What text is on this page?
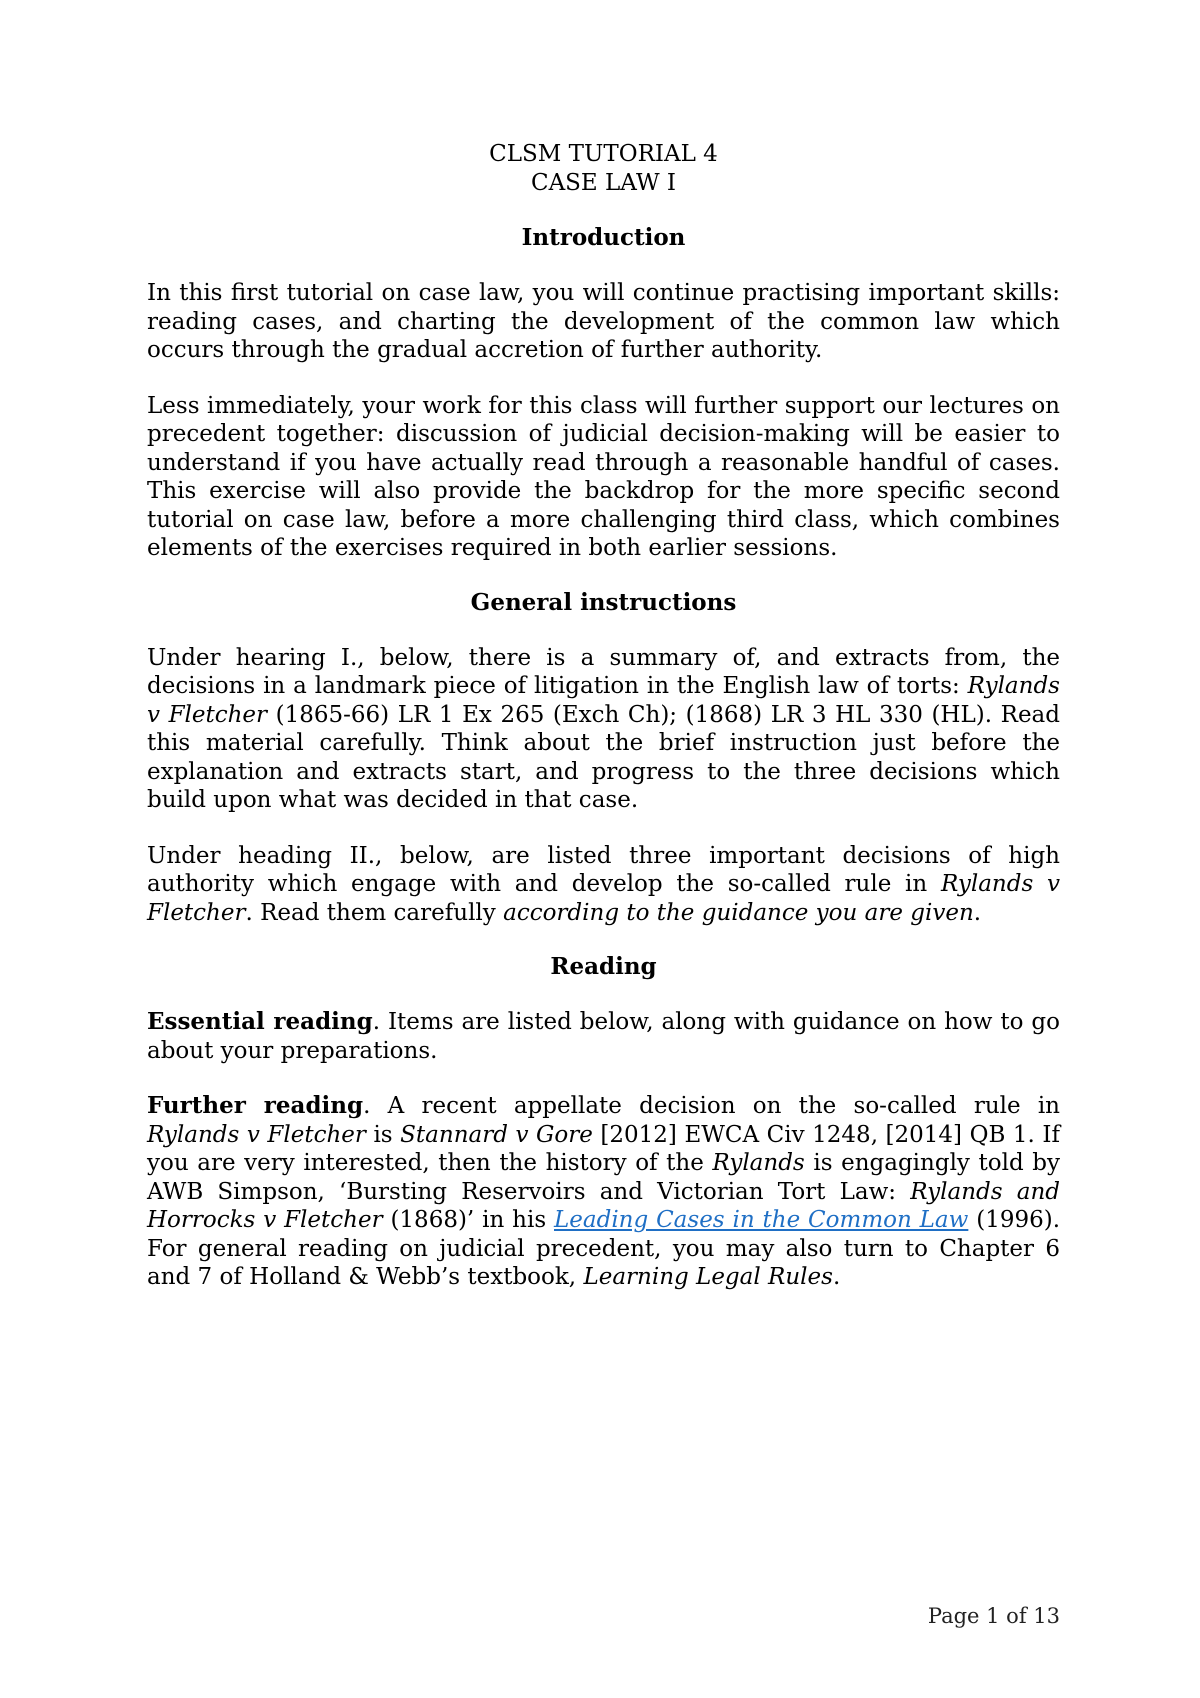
CLSM TUTORIAL 4
CASE LAW I
Introduction

In this first tutorial on case law, you will continue practising important skills: reading cases, and charting the development of the common law which occurs through the gradual accretion of further authority.

Less immediately, your work for this class will further support our lectures on precedent together: discussion of judicial decision-making will be easier to understand if you have actually read through a reasonable handful of cases. This exercise will also provide the backdrop for the more specific second tutorial on case law, before a more challenging third class, which combines elements of the exercises required in both earlier sessions.

General instructions

Under hearing I., below, there is a summary of, and extracts from, the decisions in a landmark piece of litigation in the English law of torts: Rylands v Fletcher (1865-66) LR 1 Ex 265 (Exch Ch); (1868) LR 3 HL 330 (HL). Read this material carefully. Think about the brief instruction just before the explanation and extracts start, and progress to the three decisions which build upon what was decided in that case.

Under heading II., below, are listed three important decisions of high authority which engage with and develop the so-called rule in Rylands v Fletcher. Read them carefully according to the guidance you are given.

Reading

Essential reading. Items are listed below, along with guidance on how to go about your preparations.

Further reading. A recent appellate decision on the so-called rule in Rylands v Fletcher is Stannard v Gore [2012] EWCA Civ 1248, [2014] QB 1. If you are very interested, then the history of the Rylands is engagingly told by AWB Simpson, ‘Bursting Reservoirs and Victorian Tort Law: Rylands and Horrocks v Fletcher (1868)’ in his Leading Cases in the Common Law (1996). For general reading on judicial precedent, you may also turn to Chapter 6 and 7 of Holland & Webb’s textbook, Learning Legal Rules.

Page 1 of 13
